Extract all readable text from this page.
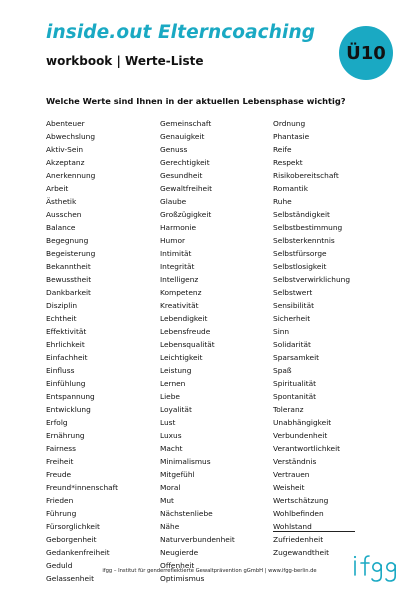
inside.out Elterncoaching
workbook | Werte-Liste	Ü10
Welche Werte sind Ihnen in der aktuellen Lebensphase wichtig?
Abenteuer
Abwechslung
Aktiv-Sein
Akzeptanz
Anerkennung
Arbeit
Ästhetik
Ausschen
Balance
Begegnung
Begeisterung
Bekanntheit
Bewusstheit
Dankbarkeit
Disziplin
Echtheit
Effektivität
Ehrlichkeit
Einfachheit
Einfluss
Einfühlung
Entspannung
Entwicklung
Erfolg
Ernährung
Fairness
Freiheit
Freude
Freund*innenschaft
Frieden
Führung
Fürsorglichkeit
Geborgenheit
Gedankenfreiheit
Geduld
Gelassenheit
Gemeinschaft
Genauigkeit
Genuss
Gerechtigkeit
Gesundheit
Gewaltfreiheit
Glaube
Großzügigkeit
Harmonie
Humor
Intimität
Integrität
Intelligenz
Kompetenz
Kreativität
Lebendigkeit
Lebensfreude
Lebensqualität
Leichtigkeit
Leistung
Lernen
Liebe
Loyalität
Lust
Luxus
Macht
Minimalismus
Mitgefühl
Moral
Mut
Nächstenliebe
Nähe
Naturverbundenheit
Neugierde
Offenheit
Optimismus
Ordnung
Phantasie
Reife
Respekt
Risikobereitschaft
Romantik
Ruhe
Selbständigkeit
Selbstbestimmung
Selbsterkenntnis
Selbstfürsorge
Selbstlosigkeit
Selbstverwirklichung
Selbstwert
Sensibilität
Sicherheit
Sinn
Solidarität
Sparsamkeit
Spaß
Spiritualität
Spontanität
Toleranz
Unabhängigkeit
Verbundenheit
Verantwortlichkeit
Verständnis
Vertrauen
Weisheit
Wertschätzung
Wohlbefinden
Wohlstand
Zufriedenheit
Zugewandtheit
ifgg – Institut für genderreflektierte Gewaltprävention gGmbH | www.ifgg-berlin.de
